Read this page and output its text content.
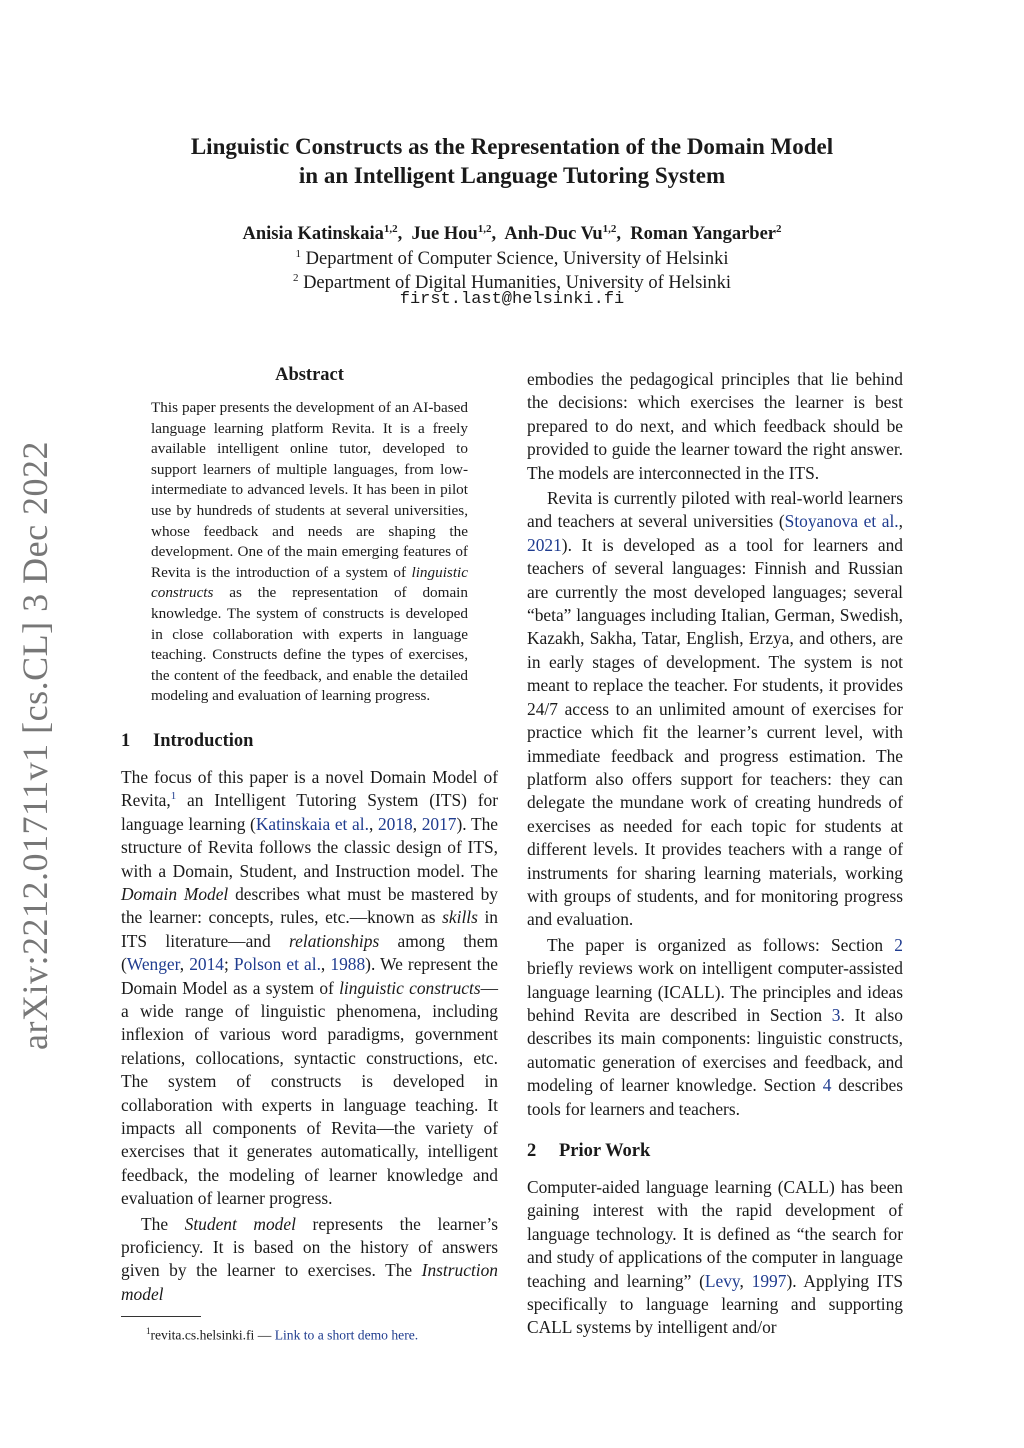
arXiv:2212.01711v1 [cs.CL] 3 Dec 2022
Linguistic Constructs as the Representation of the Domain Model
in an Intelligent Language Tutoring System
Anisia Katinskaia$^{1,2}$,  Jue Hou$^{1,2}$,  Anh-Duc Vu$^{1,2}$,  Roman Yangarber$^2$
$^1$ Department of Computer Science, University of Helsinki
$^2$ Department of Digital Humanities, University of Helsinki
first.last@helsinki.fi
Abstract

This paper presents the development of an AI-based language learning platform Revita. It is a freely available intelligent online tutor, developed to support learners of multiple languages, from low-intermediate to advanced levels. It has been in pilot use by hundreds of students at several universities, whose feedback and needs are shaping the development. One of the main emerging features of Revita is the introduction of a system of linguistic constructs as the representation of domain knowledge. The system of constructs is developed in close collaboration with experts in language teaching. Constructs define the types of exercises, the content of the feedback, and enable the detailed modeling and evaluation of learning progress.

1 Introduction

The focus of this paper is a novel Domain Model of Revita,$^1$ an Intelligent Tutoring System (ITS) for language learning (Katinskaia et al., 2018, 2017). The structure of Revita follows the classic design of ITS, with a Domain, Student, and Instruction model. The Domain Model describes what must be mastered by the learner: concepts, rules, etc.—known as skills in ITS literature—and relationships among them (Wenger, 2014; Polson et al., 1988). We represent the Domain Model as a system of linguistic constructs—a wide range of linguistic phenomena, including inflexion of various word paradigms, government relations, collocations, syntactic constructions, etc. The system of constructs is developed in collaboration with experts in language teaching. It impacts all components of Revita—the variety of exercises that it generates automatically, intelligent feedback, the modeling of learner knowledge and evaluation of learner progress.

The Student model represents the learner’s proficiency. It is based on the history of answers given by the learner to exercises. The Instruction model

$^1$revita.cs.helsinki.fi — Link to a short demo here.

embodies the pedagogical principles that lie behind the decisions: which exercises the learner is best prepared to do next, and which feedback should be provided to guide the learner toward the right answer. The models are interconnected in the ITS.

Revita is currently piloted with real-world learners and teachers at several universities (Stoyanova et al., 2021). It is developed as a tool for learners and teachers of several languages: Finnish and Russian are currently the most developed languages; several “beta” languages including Italian, German, Swedish, Kazakh, Sakha, Tatar, English, Erzya, and others, are in early stages of development. The system is not meant to replace the teacher. For students, it provides 24/7 access to an unlimited amount of exercises for practice which fit the learner’s current level, with immediate feedback and progress estimation. The platform also offers support for teachers: they can delegate the mundane work of creating hundreds of exercises as needed for each topic for students at different levels. It provides teachers with a range of instruments for sharing learning materials, working with groups of students, and for monitoring progress and evaluation.

The paper is organized as follows: Section 2 briefly reviews work on intelligent computer-assisted language learning (ICALL). The principles and ideas behind Revita are described in Section 3. It also describes its main components: linguistic constructs, automatic generation of exercises and feedback, and modeling of learner knowledge. Section 4 describes tools for learners and teachers.

2 Prior Work

Computer-aided language learning (CALL) has been gaining interest with the rapid development of language technology. It is defined as “the search for and study of applications of the computer in language teaching and learning” (Levy, 1997). Applying ITS specifically to language learning and supporting CALL systems by intelligent and/or
